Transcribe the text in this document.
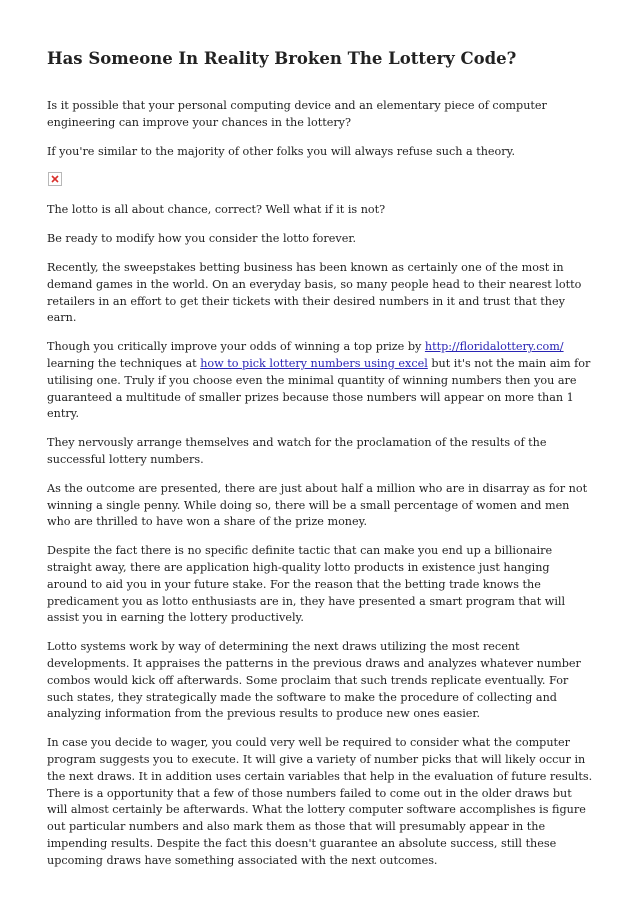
Has Someone In Reality Broken The Lottery Code?

Is it possible that your personal computing device and an elementary piece of computer engineering can improve your chances in the lottery?

If you're similar to the majority of other folks you will always refuse such a theory.

The lotto is all about chance, correct? Well what if it is not?

Be ready to modify how you consider the lotto forever.

Recently, the sweepstakes betting business has been known as certainly one of the most in demand games in the world. On an everyday basis, so many people head to their nearest lotto retailers in an effort to get their tickets with their desired numbers in it and trust that they earn.

Though you critically improve your odds of winning a top prize by http://floridalottery.com/ learning the techniques at how to pick lottery numbers using excel but it's not the main aim for utilising one. Truly if you choose even the minimal quantity of winning numbers then you are guaranteed a multitude of smaller prizes because those numbers will appear on more than 1 entry.

They nervously arrange themselves and watch for the proclamation of the results of the successful lottery numbers.

As the outcome are presented, there are just about half a million who are in disarray as for not winning a single penny. While doing so, there will be a small percentage of women and men who are thrilled to have won a share of the prize money.

Despite the fact there is no specific definite tactic that can make you end up a billionaire straight away, there are application high-quality lotto products in existence just hanging around to aid you in your future stake. For the reason that the betting trade knows the predicament you as lotto enthusiasts are in, they have presented a smart program that will assist you in earning the lottery productively.

Lotto systems work by way of determining the next draws utilizing the most recent developments. It appraises the patterns in the previous draws and analyzes whatever number combos would kick off afterwards. Some proclaim that such trends replicate eventually. For such states, they strategically made the software to make the procedure of collecting and analyzing information from the previous results to produce new ones easier.

In case you decide to wager, you could very well be required to consider what the computer program suggests you to execute. It will give a variety of number picks that will likely occur in the next draws. It in addition uses certain variables that help in the evaluation of future results. There is a opportunity that a few of those numbers failed to come out in the older draws but will almost certainly be afterwards. What the lottery computer software accomplishes is figure out particular numbers and also mark them as those that will presumably appear in the impending results. Despite the fact this doesn't guarantee an absolute success, still these upcoming draws have something associated with the next outcomes.
